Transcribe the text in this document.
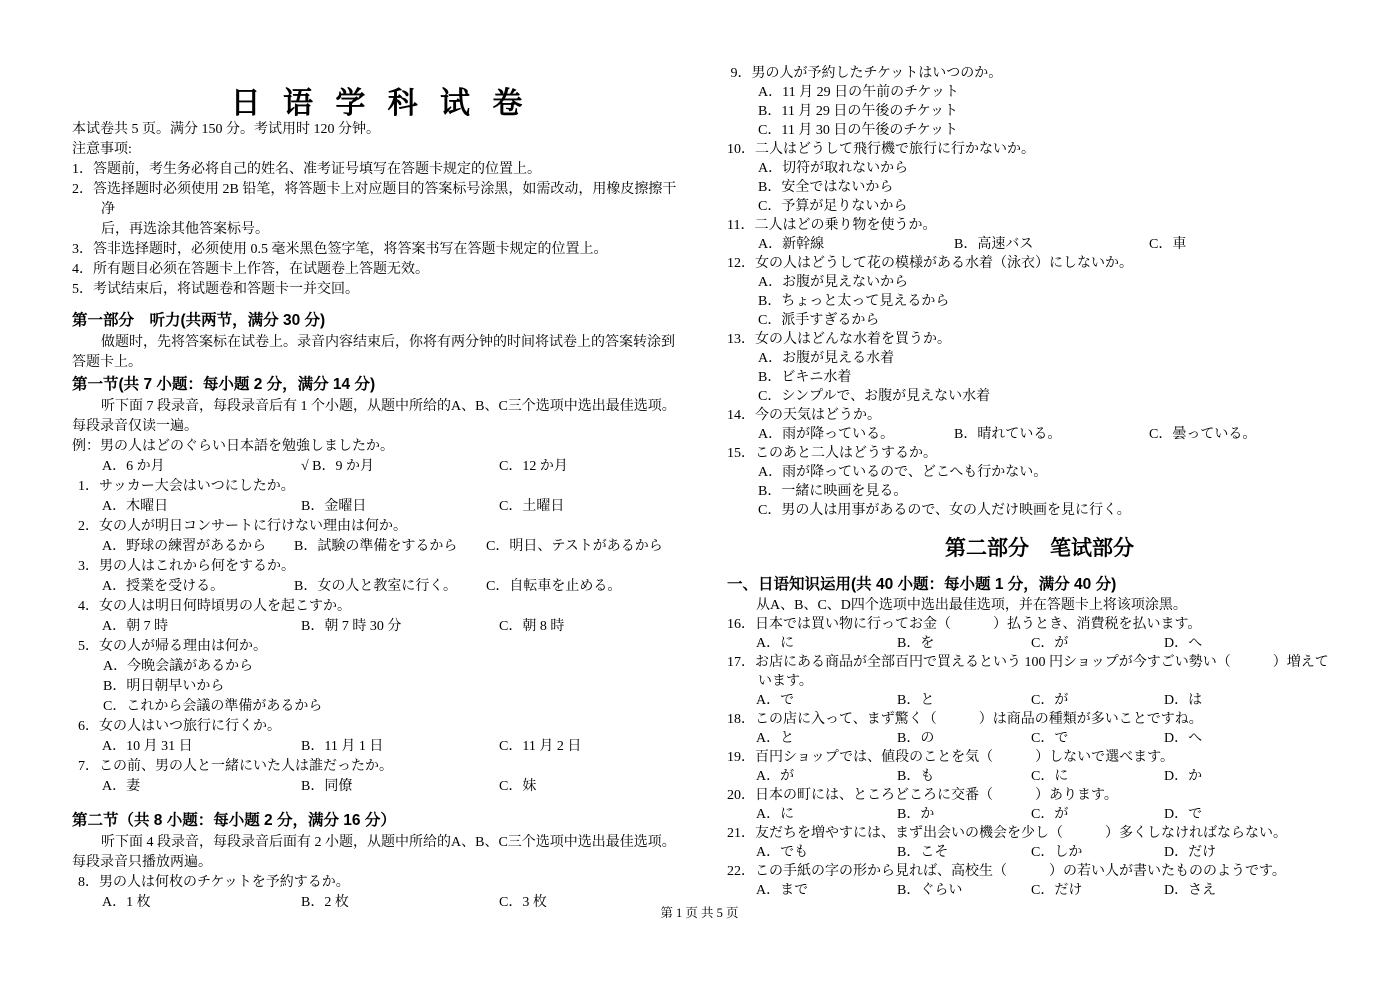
日 语 学 科 试 卷
本试卷共 5 页。满分 150 分。考试用时 120 分钟。
注意事项:
1．答题前，考生务必将自己的姓名、准考证号填写在答题卡规定的位置上。
2．答选择题时必须使用 2B 铅笔，将答题卡上对应题目的答案标号涂黑，如需改动，用橡皮擦擦干
净
后，再选涂其他答案标号。
3．答非选择题时，必须使用 0.5 毫米黑色签字笔，将答案书写在答题卡规定的位置上。
4．所有题目必须在答题卡上作答，在试题卷上答题无效。
5．考试结束后，将试题卷和答题卡一并交回。
第一部分　听力(共两节，满分 30 分)
做题时，先将答案标在试卷上。录音内容结束后，你将有两分钟的时间将试卷上的答案转涂到
答题卡上。
第一节(共 7 小题：每小题 2 分，满分 14 分)
听下面 7 段录音，每段录音后有 1 个小题，从题中所给的A、B、C三个选项中选出最佳选项。
每段录音仅读一遍。
例：男の人はどのぐらい日本語を勉強しましたか。
A．6 か月	√ B．9 か月	C．12 か月
1．サッカー大会はいつにしたか。
A．木曜日	B．金曜日	C．土曜日
2．女の人が明日コンサートに行けない理由は何か。
A．野球の練習があるから B．試験の準備をするから C．明日、テストがあるから
3．男の人はこれから何をするか。
A．授業を受ける。	B．女の人と教室に行く。 C．自転車を止める。
4．女の人は明日何時頃男の人を起こすか。
A．朝 7 時	B．朝 7 時 30 分	C．朝 8 時
5．女の人が帰る理由は何か。
A．今晩会議があるから
B．明日朝早いから
C．これから会議の準備があるから
6．女の人はいつ旅行に行くか。
A．10 月 31 日	B．11 月 1 日	C．11 月 2 日
7．この前、男の人と一緒にいた人は誰だったか。
A．妻	B．同僚	C．妹
第二节（共 8 小题：每小题 2 分，满分 16 分）
听下面 4 段录音，每段录音后面有 2 小题，从题中所给的A、B、C三个选项中选出最佳选项。
每段录音只播放两遍。
8．男の人は何枚のチケットを予約するか。
A．1 枚	B．2 枚	C．3 枚
9．男の人が予約したチケットはいつのか。
A．11 月 29 日の午前のチケット
B．11 月 29 日の午後のチケット
C．11 月 30 日の午後のチケット
10．二人はどうして飛行機で旅行に行かないか。
A．切符が取れないから
B．安全ではないから
C．予算が足りないから
11．二人はどの乗り物を使うか。
A．新幹線	B．高速バス	C．車
12．女の人はどうして花の模様がある水着（泳衣）にしないか。
A．お腹が見えないから
B．ちょっと太って見えるから
C．派手すぎるから
13．女の人はどんな水着を買うか。
A．お腹が見える水着
B．ビキニ水着
C．シンプルで、お腹が見えない水着
14．今の天気はどうか。
A．雨が降っている。	B．晴れている。	C．曇っている。
15．このあと二人はどうするか。
A．雨が降っているので、どこへも行かない。
B．一緒に映画を見る。
C．男の人は用事があるので、女の人だけ映画を見に行く。
第二部分　笔试部分
一、日语知识运用(共 40 小题：每小题 1 分，满分 40 分)
从A、B、C、D四个选项中选出最佳选项，并在答题卡上将该项涂黑。
16．日本では買い物に行ってお金（　　　）払うとき、消費税を払います。
A．に	B．を	C．が	D．へ
17．お店にある商品が全部百円で買えるという 100 円ショップが今すごい勢い（　　　）増えて
います。
A．で	B．と	C．が	D．は
18．この店に入って、まず驚く（　　　）は商品の種類が多いことですね。
A．と	B．の	C．で	D．へ
19．百円ショップでは、値段のことを気（　　　）しないで選べます。
A．が	B．も	C．に	D．か
20．日本の町には、ところどころに交番（　　　）あります。
A．に	B．か	C．が	D．で
21．友だちを増やすには、まず出会いの機会を少し（　　　）多くしなければならない。
A．でも	B．こそ	C．しか	D．だけ
22．この手紙の字の形から見れば、高校生（　　　）の若い人が書いたもののようです。
A．まで	B．ぐらい	C．だけ	D．さえ
第 1 页 共 5 页
